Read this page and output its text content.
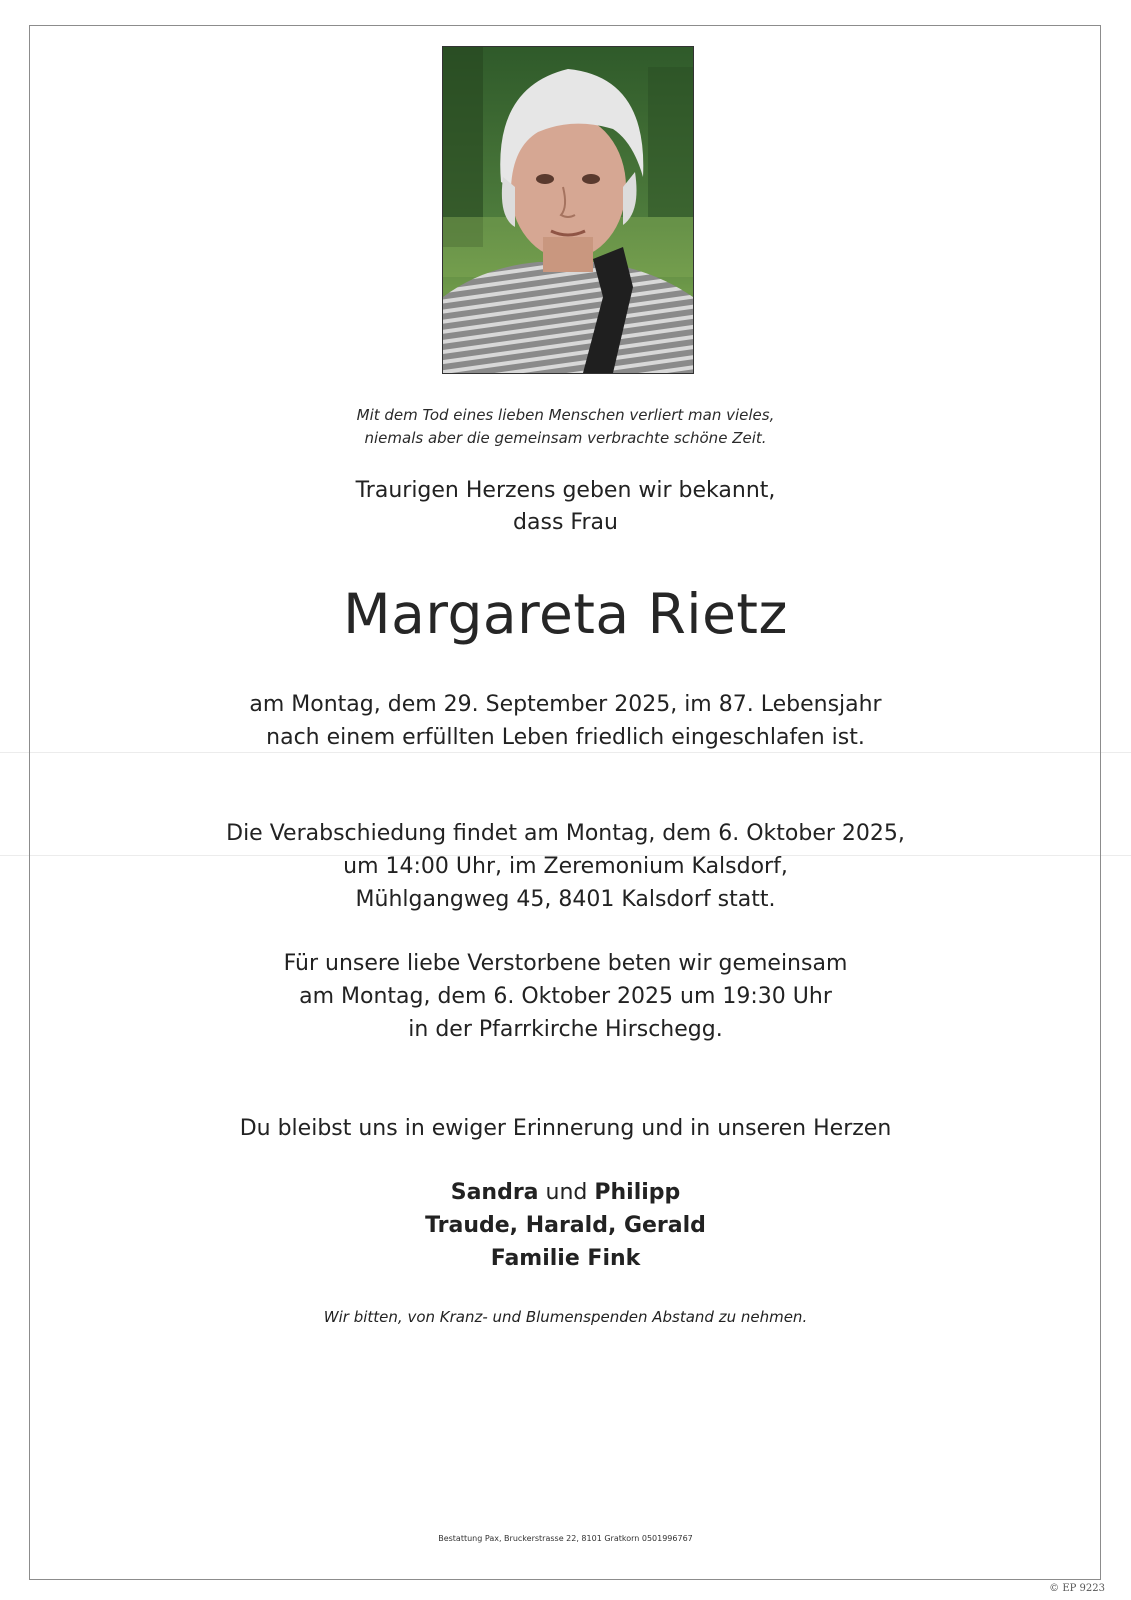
Mit dem Tod eines lieben Menschen verliert man vieles,
niemals aber die gemeinsam verbrachte schöne Zeit.
Traurigen Herzens geben wir bekannt,
dass Frau
Margareta Rietz
am Montag, dem 29. September 2025, im 87. Lebensjahr
nach einem erfüllten Leben friedlich eingeschlafen ist.
Die Verabschiedung findet am Montag, dem 6. Oktober 2025,
um 14:00 Uhr, im Zeremonium Kalsdorf,
Mühlgangweg 45, 8401 Kalsdorf statt.
Für unsere liebe Verstorbene beten wir gemeinsam
am Montag, dem 6. Oktober 2025 um 19:30 Uhr
in der Pfarrkirche Hirschegg.
Du bleibst uns in ewiger Erinnerung und in unseren Herzen
Sandra und Philipp
Traude, Harald, Gerald
Familie Fink
Wir bitten, von Kranz- und Blumenspenden Abstand zu nehmen.
Bestattung Pax, Bruckerstrasse 22, 8101 Gratkorn 0501996767
© EP 9223
